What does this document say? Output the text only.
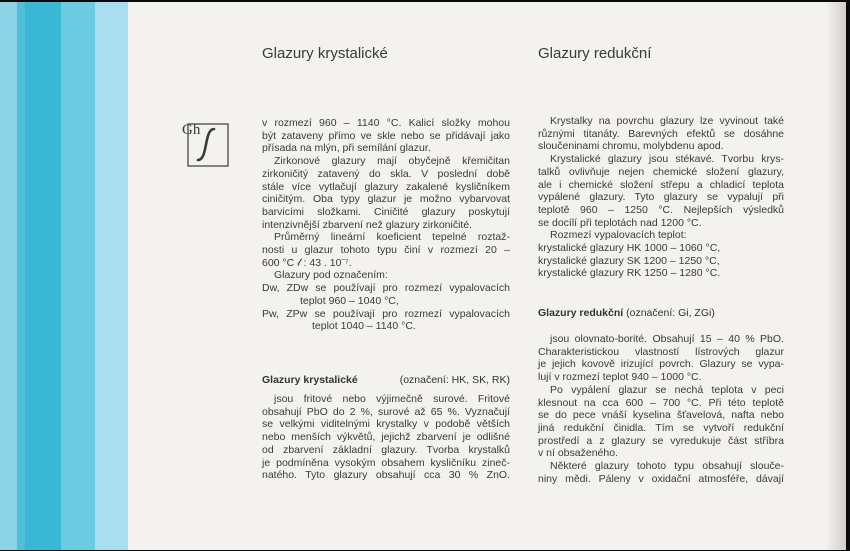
Glazury krystalické	Glazury redukční
Gh	v rozmezí 960 – 1140 °C. Kalicí složky mohou

být zataveny přímo ve skle nebo se přidávají jako

přísada na mlýn, při semílání glazur.

Zirkonové glazury mají obyčejně křemičitan

zirkoničitý zatavený do skla. V poslední době

stále více vytlačují glazury zakalené kysličníkem

ciničitým. Oba typy glazur je možno vybarvovat

barvicími složkami. Ciničité glazury poskytují

intenzivnější zbarvení než glazury zirkoničité.

Průměrný lineární koeficient tepelné roztaž-

nosti u glazur tohoto typu činí v rozmezí 20 –

600 °C 𝓁 : 43 . 10⁻⁷.

Glazury pod označením:

Dw, ZDw se používají pro rozmezí vypalovacích

teplot 960 – 1040 °C,

Pw, ZPw se používají pro rozmezí vypalovacích

teplot 1040 – 1140 °C.

Glazury krystalické	(označení: HK, SK, RK)

jsou fritové nebo výjimečně surové. Fritové

obsahují PbO do 2 %, surové až 65 %. Vyznačují

se velkými viditelnými krystalky v podobě větších

nebo menších výkvětů, jejichž zbarvení je odlišné

od zbarvení základní glazury. Tvorba krystalků

je podmíněna vysokým obsahem kysličníku zineč-

natého. Tyto glazury obsahují cca 30 % ZnO.

Krystalky na povrchu glazury lze vyvinout také

různými titanáty. Barevných efektů se dosáhne

sloučeninami chromu, molybdenu apod.

Krystalické glazury jsou stékavé. Tvorbu krys-

talků ovlivňuje nejen chemické složení glazury,

ale i chemické složení střepu a chladicí teplota

vypálené glazury. Tyto glazury se vypalují při

teplotě 960 – 1250 °C. Nejlepších výsledků

se docílí při teplotách nad 1200 °C.

Rozmezí vypalovacích teplot:

krystalické glazury HK 1000 – 1060 °C,

krystalické glazury SK 1200 – 1250 °C,

krystalické glazury RK 1250 – 1280 °C.

Glazury redukční (označení: Gi, ZGi)

jsou olovnato-borité. Obsahují 15 – 40 % PbO.

Charakteristickou vlastností lístrových glazur

je jejich kovově irizující povrch. Glazury se vypa-

lují v rozmezí teplot 940 – 1000 °C.

Po vypálení glazur se nechá teplota v peci

klesnout na cca 600 – 700 °C. Při této teplotě

se do pece vnáší kyselina šťavelová, nafta nebo

jiná redukční činidla. Tím se vytvoří redukční

prostředí a z glazury se vyredukuje část stříbra

v ní obsaženého.

Některé glazury tohoto typu obsahují slouče-

niny mědi. Páleny v oxidační atmosféře, dávají
